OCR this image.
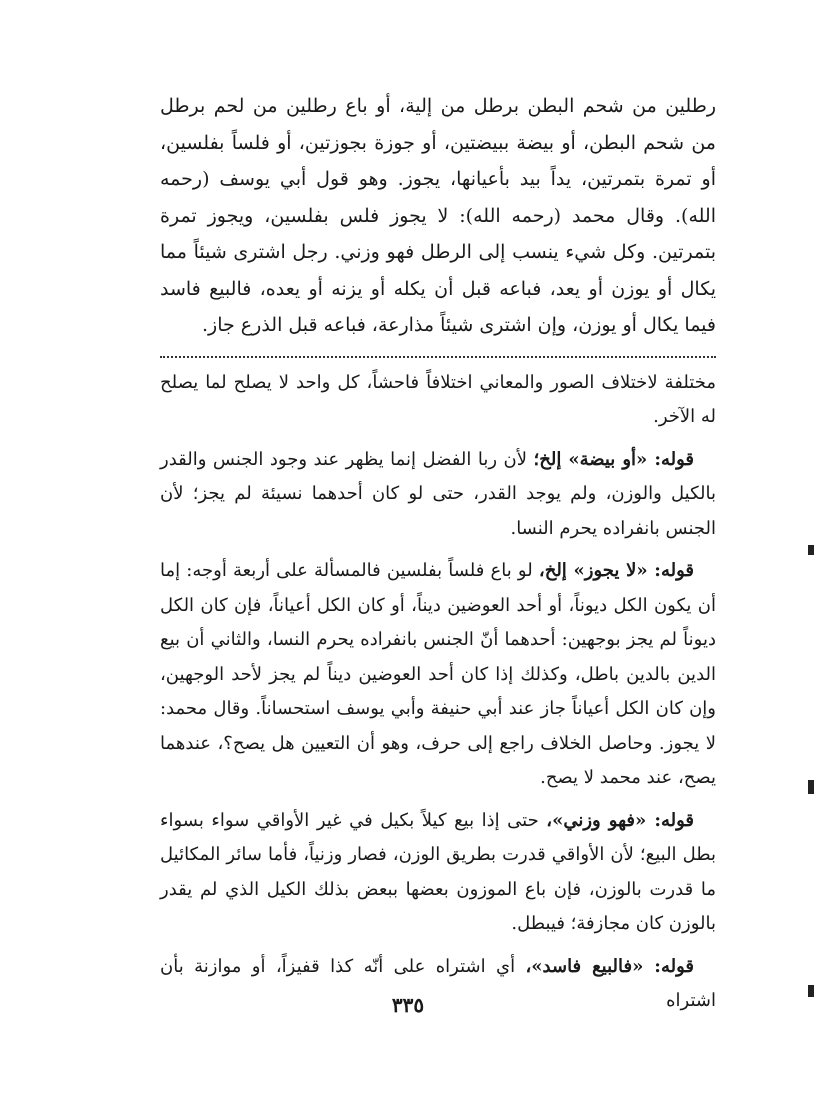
رطلين من شحم البطن برطل من إلية، أو باع رطلين من لحم برطل من شحم البطن، أو بيضة ببيضتين، أو جوزة بجوزتين، أو فلساً بفلسين، أو تمرة بتمرتين، يداً بيد بأعيانها، يجوز. وهو قول أبي يوسف (رحمه الله). وقال محمد (رحمه الله): لا يجوز فلس بفلسين، ويجوز تمرة بتمرتين. وكل شيء ينسب إلى الرطل فهو وزني. رجل اشترى شيئاً مما يكال أو يوزن أو يعد، فباعه قبل أن يكله أو يزنه أو يعده، فالبيع فاسد فيما يكال أو يوزن، وإن اشترى شيئاً مذارعة، فباعه قبل الذرع جاز.

مختلفة لاختلاف الصور والمعاني اختلافاً فاحشاً، كل واحد لا يصلح لما يصلح له الآخر.

قوله: «أو بيضة» إلخ؛ لأن ربا الفضل إنما يظهر عند وجود الجنس والقدر بالكيل والوزن، ولم يوجد القدر، حتى لو كان أحدهما نسيئة لم يجز؛ لأن الجنس بانفراده يحرم النسا.

قوله: «لا يجوز» إلخ، لو باع فلساً بفلسين فالمسألة على أربعة أوجه: إما أن يكون الكل ديوناً، أو أحد العوضين ديناً، أو كان الكل أعياناً، فإن كان الكل ديوناً لم يجز بوجهين: أحدهما أنّ الجنس بانفراده يحرم النسا، والثاني أن بيع الدين بالدين باطل، وكذلك إذا كان أحد العوضين ديناً لم يجز لأحد الوجهين، وإن كان الكل أعياناً جاز عند أبي حنيفة وأبي يوسف استحساناً. وقال محمد: لا يجوز. وحاصل الخلاف راجع إلى حرف، وهو أن التعيين هل يصح؟، عندهما يصح، عند محمد لا يصح.

قوله: «فهو وزني»، حتى إذا بيع كيلاً بكيل في غير الأواقي سواء بسواء بطل البيع؛ لأن الأواقي قدرت بطريق الوزن، فصار وزنياً، فأما سائر المكائيل ما قدرت بالوزن، فإن باع الموزون بعضها ببعض بذلك الكيل الذي لم يقدر بالوزن كان مجازفة؛ فيبطل.

قوله: «فالبيع فاسد»، أي اشتراه على أنّه كذا قفيزاً، أو موازنة بأن اشتراه

٣٣٥
